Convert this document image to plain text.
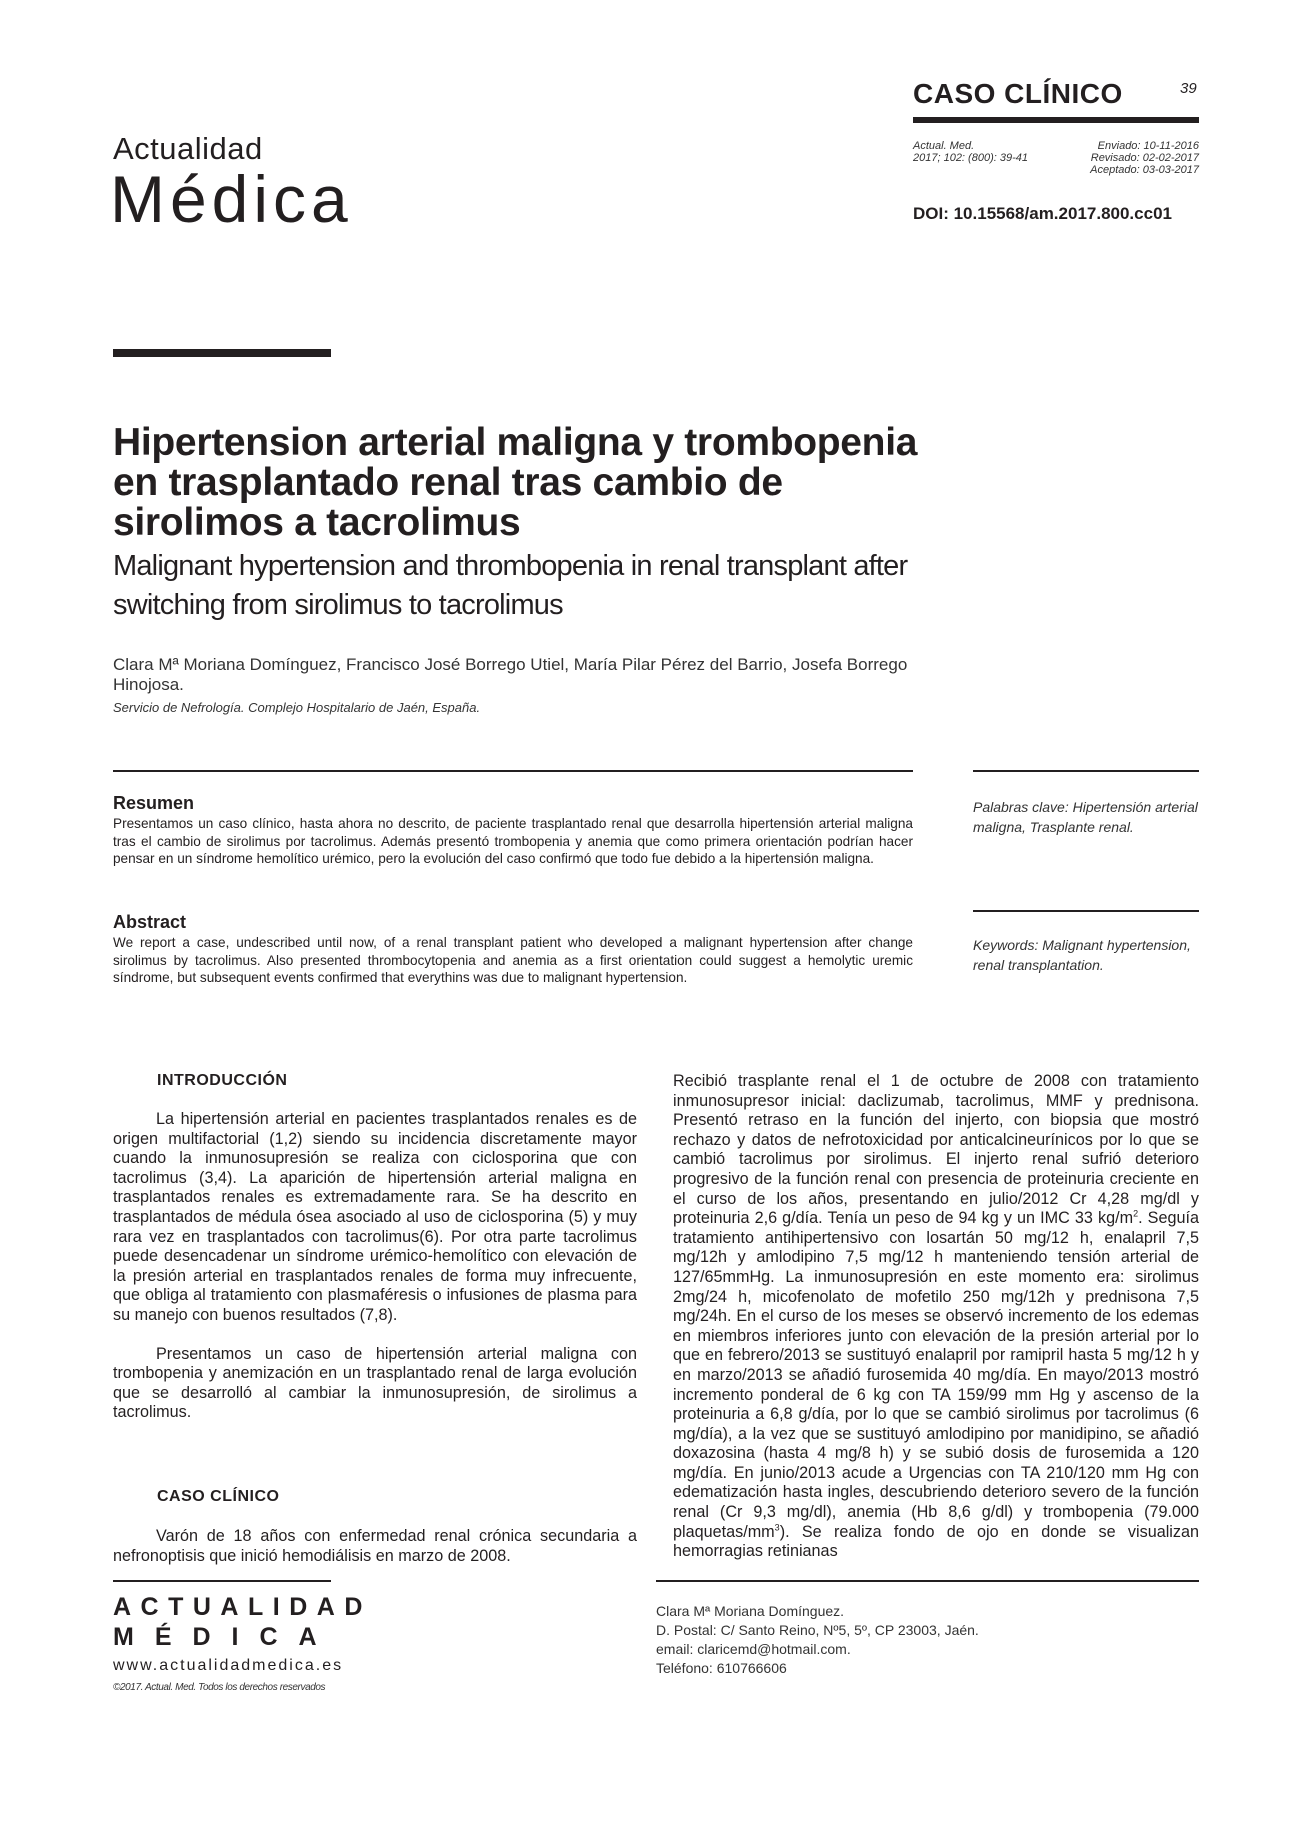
Actualidad
Médica
CASO CLÍNICO	39
Actual. Med.
2017; 102: (800): 39-41
Enviado: 10-11-2016
Revisado: 02-02-2017
Aceptado: 03-03-2017
DOI: 10.15568/am.2017.800.cc01
Hipertension arterial maligna y trombopenia en trasplantado renal tras cambio de sirolimos a tacrolimus
Malignant hypertension and thrombopenia in renal transplant after switching from sirolimus to tacrolimus
Clara Mª Moriana Domínguez, Francisco José Borrego Utiel, María Pilar Pérez del Barrio, Josefa Borrego Hinojosa.
Servicio de Nefrología. Complejo Hospitalario de Jaén, España.
Resumen
Presentamos un caso clínico, hasta ahora no descrito, de paciente trasplantado renal que desarrolla hipertensión arterial maligna tras el cambio de sirolimus por tacrolimus. Además presentó trombopenia y anemia que como primera orientación podrían hacer pensar en un síndrome hemolítico urémico, pero la evolución del caso confirmó que todo fue debido a la hipertensión maligna.
Abstract
We report a case, undescribed until now, of a renal transplant patient who developed a malignant hypertension after change sirolimus by tacrolimus. Also presented thrombocytopenia and anemia as a first orientation could suggest a hemolytic uremic síndrome, but subsequent events confirmed that everythins was due to malignant hypertension.
Palabras clave: Hipertensión arterial maligna, Trasplante renal.
Keywords: Malignant hypertension, renal transplantation.
INTRODUCCIÓN

La hipertensión arterial en pacientes trasplantados renales es de origen multifactorial (1,2) siendo su incidencia discretamente mayor cuando la inmunosupresión se realiza con ciclosporina que con tacrolimus (3,4). La aparición de hipertensión arterial maligna en trasplantados renales es extremadamente rara. Se ha descrito en trasplantados de médula ósea asociado al uso de ciclosporina (5) y muy rara vez en trasplantados con tacrolimus(6). Por otra parte tacrolimus puede desencadenar un síndrome urémico-hemolítico con elevación de la presión arterial en trasplantados renales de forma muy infrecuente, que obliga al tratamiento con plasmaféresis o infusiones de plasma para su manejo con buenos resultados (7,8).

Presentamos un caso de hipertensión arterial maligna con trombopenia y anemización en un trasplantado renal de larga evolución que se desarrolló al cambiar la inmunosupresión, de sirolimus a tacrolimus.

CASO CLÍNICO

Varón de 18 años con enfermedad renal crónica secundaria a nefronoptisis que inició hemodiálisis en marzo de 2008.

Recibió trasplante renal el 1 de octubre de 2008 con tratamiento inmunosupresor inicial: daclizumab, tacrolimus, MMF y prednisona. Presentó retraso en la función del injerto, con biopsia que mostró rechazo y datos de nefrotoxicidad por anticalcineurínicos por lo que se cambió tacrolimus por sirolimus. El injerto renal sufrió deterioro progresivo de la función renal con presencia de proteinuria creciente en el curso de los años, presentando en julio/2012 Cr 4,28 mg/dl y proteinuria 2,6 g/día. Tenía un peso de 94 kg y un IMC 33 $kg/m^2$. Seguía tratamiento antihipertensivo con losartán 50 mg/12 h, enalapril 7,5 mg/12h y amlodipino 7,5 mg/12 h manteniendo tensión arterial de 127/65mmHg. La inmunosupresión en este momento era: sirolimus 2mg/24 h, micofenolato de mofetilo 250 mg/12h y prednisona 7,5 mg/24h. En el curso de los meses se observó incremento de los edemas en miembros inferiores junto con elevación de la presión arterial por lo que en febrero/2013 se sustituyó enalapril por ramipril hasta 5 mg/12 h y en marzo/2013 se añadió furosemida 40 mg/día. En mayo/2013 mostró incremento ponderal de 6 kg con TA 159/99 mm Hg y ascenso de la proteinuria a 6,8 g/día, por lo que se cambió sirolimus por tacrolimus (6 mg/día), a la vez que se sustituyó amlodipino por manidipino, se añadió doxazosina (hasta 4 mg/8 h) y se subió dosis de furosemida a 120 mg/día. En junio/2013 acude a Urgencias con TA 210/120 mm Hg con edematización hasta ingles, descubriendo deterioro severo de la función renal (Cr 9,3 mg/dl), anemia (Hb 8,6 g/dl) y trombopenia (79.000 plaquetas/$mm^3$). Se realiza fondo de ojo en donde se visualizan hemorragias retinianas

ACTUALIDAD
MÉDICA
www.actualidadmedica.es
©2017. Actual. Med. Todos los derechos reservados
Clara Mª Moriana Domínguez.
D. Postal: C/ Santo Reino, Nº5, 5º, CP 23003, Jaén.
email: claricemd@hotmail.com.
Teléfono: 610766606
